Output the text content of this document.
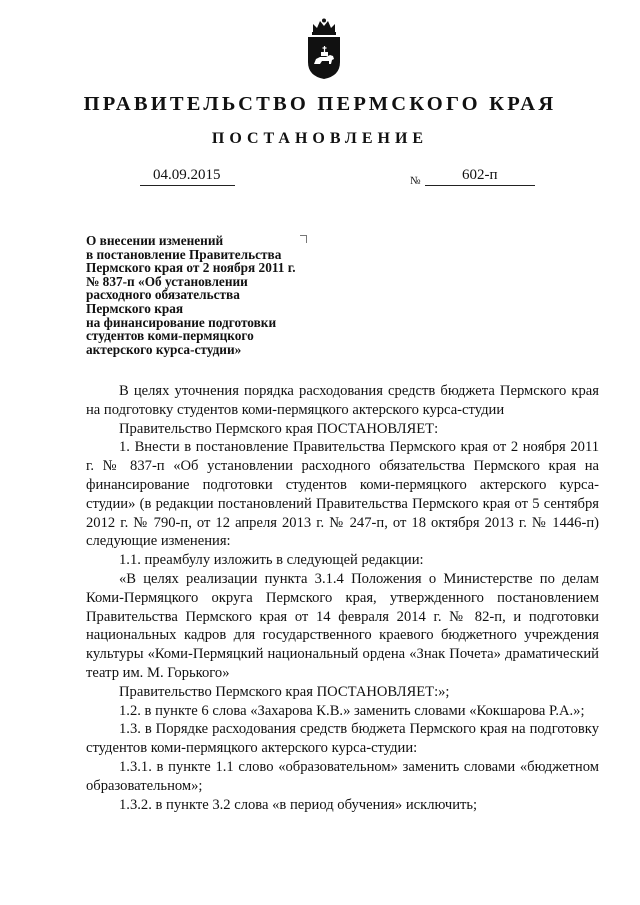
ПРАВИТЕЛЬСТВО ПЕРМСКОГО КРАЯ
ПОСТАНОВЛЕНИЕ
04.09.2015	№	602-п
О внесении изменений
в постановление Правительства
Пермского края от 2 ноября 2011 г.
№ 837-п «Об установлении
расходного обязательства
Пермского края
на финансирование подготовки
студентов коми-пермяцкого
актерского курса-студии»
В целях уточнения порядка расходования средств бюджета Пермского края на подготовку студентов коми-пермяцкого актерского курса-студии
Правительство Пермского края ПОСТАНОВЛЯЕТ:
1. Внести в постановление Правительства Пермского края от 2 ноября 2011 г. № 837-п «Об установлении расходного обязательства Пермского края на финансирование подготовки студентов коми-пермяцкого актерского курса-студии» (в редакции постановлений Правительства Пермского края от 5 сентября 2012 г. № 790-п, от 12 апреля 2013 г. № 247-п, от 18 октября 2013 г. № 1446-п) следующие изменения:
1.1. преамбулу изложить в следующей редакции:
«В целях реализации пункта 3.1.4 Положения о Министерстве по делам Коми-Пермяцкого округа Пермского края, утвержденного постановлением Правительства Пермского края от 14 февраля 2014 г. № 82-п, и подготовки национальных кадров для государственного краевого бюджетного учреждения культуры «Коми-Пермяцкий национальный ордена «Знак Почета» драматический театр им. М. Горького»
Правительство Пермского края ПОСТАНОВЛЯЕТ:»;
1.2. в пункте 6 слова «Захарова К.В.» заменить словами «Кокшарова Р.А.»;
1.3. в Порядке расходования средств бюджета Пермского края на подготовку студентов коми-пермяцкого актерского курса-студии:
1.3.1. в пункте 1.1 слово «образовательном» заменить словами «бюджетном образовательном»;
1.3.2. в пункте 3.2 слова «в период обучения» исключить;
